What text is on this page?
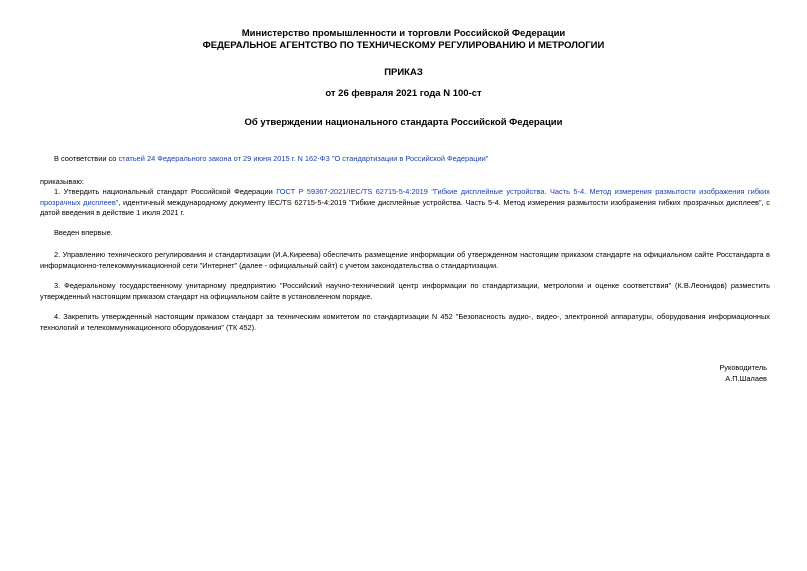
Министерство промышленности и торговли Российской Федерации
ФЕДЕРАЛЬНОЕ АГЕНТСТВО ПО ТЕХНИЧЕСКОМУ РЕГУЛИРОВАНИЮ И МЕТРОЛОГИИ
ПРИКАЗ
от 26 февраля 2021 года N 100-ст
Об утверждении национального стандарта Российской Федерации
В соответствии со статьей 24 Федерального закона от 29 июня 2015 г. N 162-ФЗ "О стандартизации в Российской Федерации"
приказываю:
1. Утвердить национальный стандарт Российской Федерации ГОСТ Р 59367-2021/IEC/TS 62715-5-4:2019 "Гибкие дисплейные устройства. Часть 5-4. Метод измерения размытости изображения гибких прозрачных дисплеев", идентичный международному документу IEC/TS 62715-5-4:2019 "Гибкие дисплейные устройства. Часть 5-4. Метод измерения размытости изображения гибких прозрачных дисплеев", с датой введения в действие 1 июля 2021 г.
Введен впервые.
2. Управлению технического регулирования и стандартизации (И.А.Киреева) обеспечить размещение информации об утвержденном настоящим приказом стандарте на официальном сайте Росстандарта в информационно-телекоммуникационной сети "Интернет" (далее - официальный сайт) с учетом законодательства о стандартизации.
3. Федеральному государственному унитарному предприятию "Российский научно-технический центр информации по стандартизации, метрологии и оценке соответствия" (К.В.Леонидов) разместить утвержденный настоящим приказом стандарт на официальном сайте в установленном порядке.
4. Закрепить утвержденный настоящим приказом стандарт за техническим комитетом по стандартизации N 452 "Безопасность аудио-, видео-, электронной аппаратуры, оборудования информационных технологий и телекоммуникационного оборудования" (ТК 452).
Руководитель
А.П.Шалаев
